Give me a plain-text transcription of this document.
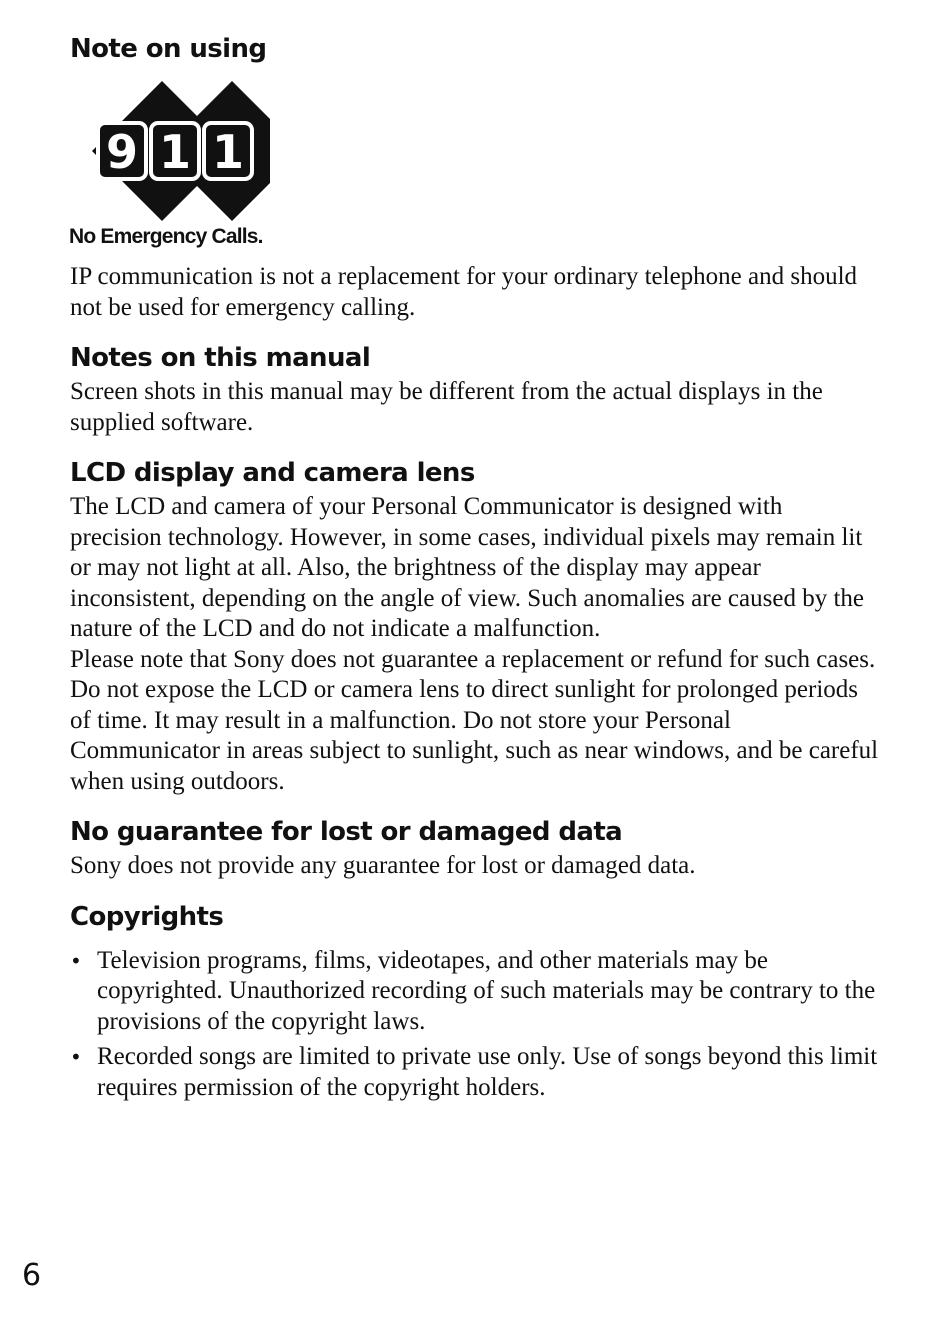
Note on using
9 1 1
No Emergency Calls.

IP communication is not a replacement for your ordinary telephone and should not be used for emergency calling.

Notes on this manual

Screen shots in this manual may be different from the actual displays in the supplied software.

LCD display and camera lens

The LCD and camera of your Personal Communicator is designed with precision technology. However, in some cases, individual pixels may remain lit or may not light at all. Also, the brightness of the display may appear inconsistent, depending on the angle of view. Such anomalies are caused by the nature of the LCD and do not indicate a malfunction.

Please note that Sony does not guarantee a replacement or refund for such cases.

Do not expose the LCD or camera lens to direct sunlight for prolonged periods of time. It may result in a malfunction. Do not store your Personal Communicator in areas subject to sunlight, such as near windows, and be careful when using outdoors.

No guarantee for lost or damaged data

Sony does not provide any guarantee for lost or damaged data.

Copyrights
• Television programs, films, videotapes, and other materials may be copyrighted. Unauthorized recording of such materials may be contrary to the provisions of the copyright laws.
• Recorded songs are limited to private use only. Use of songs beyond this limit requires permission of the copyright holders.
6
